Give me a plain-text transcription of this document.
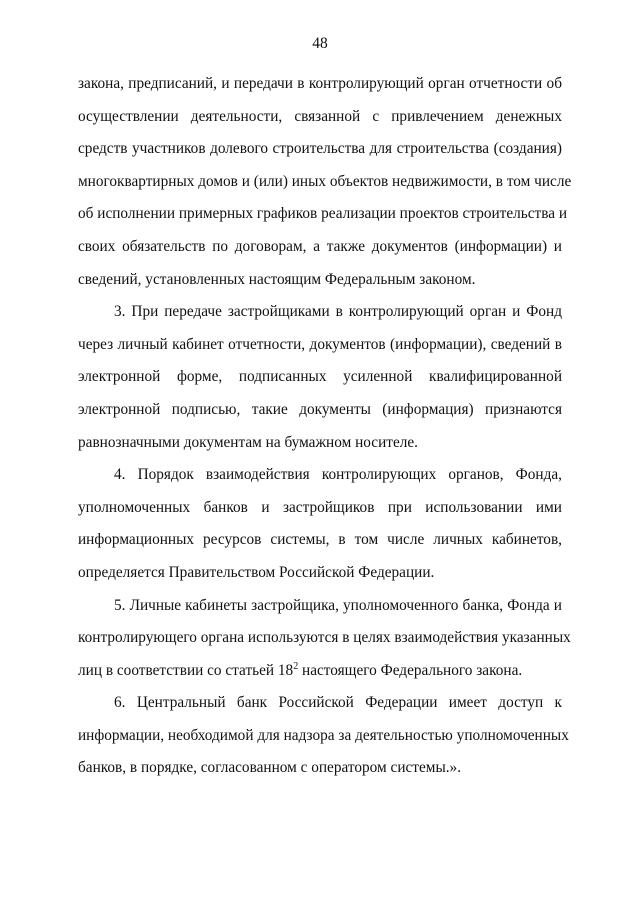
48
закона, предписаний, и передачи в контролирующий орган отчетности об
осуществлении деятельности, связанной с привлечением денежных
средств участников долевого строительства для строительства (создания)
многоквартирных домов и (или) иных объектов недвижимости, в том числе
об исполнении примерных графиков реализации проектов строительства и
своих обязательств по договорам, а также документов (информации) и
сведений, установленных настоящим Федеральным законом.
3. При передаче застройщиками в контролирующий орган и Фонд
через личный кабинет отчетности, документов (информации), сведений в
электронной форме, подписанных усиленной квалифицированной
электронной подписью, такие документы (информация) признаются
равнозначными документам на бумажном носителе.
4. Порядок взаимодействия контролирующих органов, Фонда,
уполномоченных банков и застройщиков при использовании ими
информационных ресурсов системы, в том числе личных кабинетов,
определяется Правительством Российской Федерации.
5. Личные кабинеты застройщика, уполномоченного банка, Фонда и
контролирующего органа используются в целях взаимодействия указанных
лиц в соответствии со статьей $18^2$ настоящего Федерального закона.
6. Центральный банк Российской Федерации имеет доступ к
информации, необходимой для надзора за деятельностью уполномоченных
банков, в порядке, согласованном с оператором системы.».
